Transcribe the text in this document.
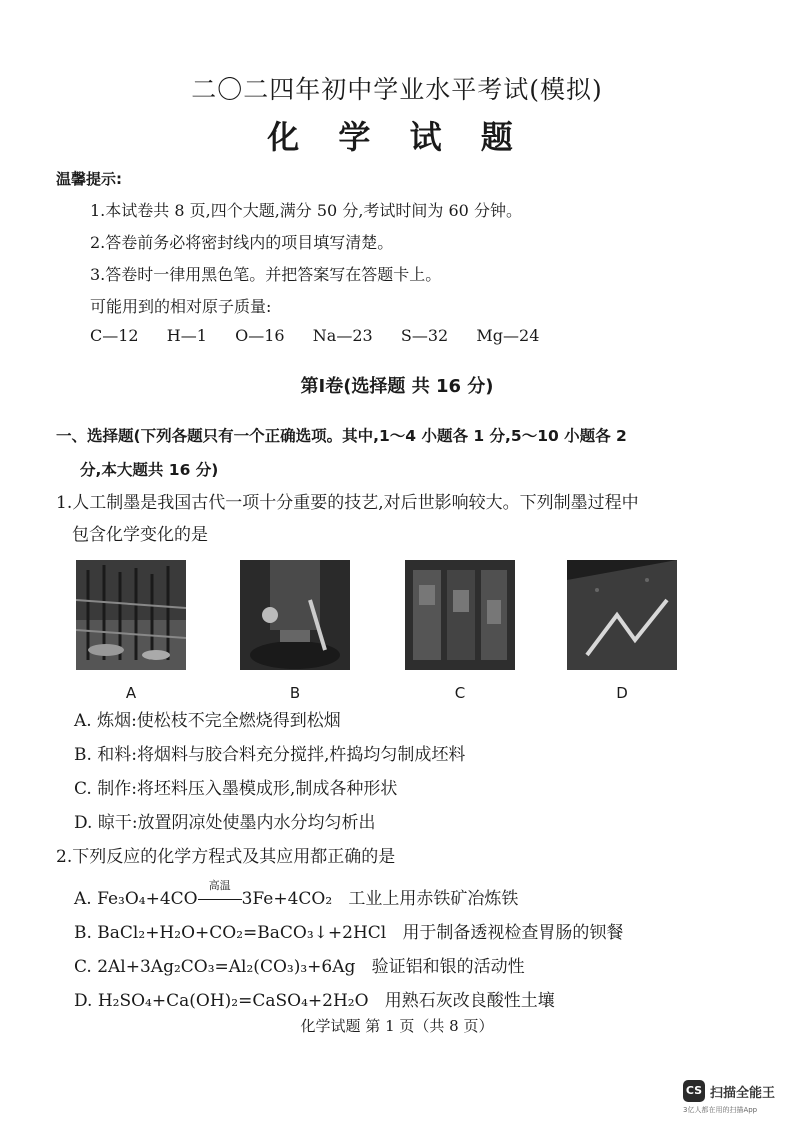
二〇二四年初中学业水平考试(模拟)
化 学 试 题
温馨提示:
1.本试卷共 8 页,四个大题,满分 50 分,考试时间为 60 分钟。
2.答卷前务必将密封线内的项目填写清楚。
3.答卷时一律用黑色笔。并把答案写在答题卡上。
可能用到的相对原子质量:
C—12 H—1 O—16 Na—23 S—32 Mg—24
第Ⅰ卷(选择题 共 16 分)
一、选择题(下列各题只有一个正确选项。其中,1～4 小题各 1 分,5～10 小题各 2
分,本大题共 16 分)
1.人工制墨是我国古代一项十分重要的技艺,对后世影响较大。下列制墨过程中
包含化学变化的是
A	B	C	D
A. 炼烟:使松枝不完全燃烧得到松烟
B. 和料:将烟料与胶合料充分搅拌,杵捣均匀制成坯料
C. 制作:将坯料压入墨模成形,制成各种形状
D. 晾干:放置阴凉处使墨内水分均匀析出
2.下列反应的化学方程式及其应用都正确的是
A. Fe₃O₄+4CO
高温
3Fe+4CO₂   工业上用赤铁矿冶炼铁
B. BaCl₂+H₂O+CO₂=BaCO₃↓+2HCl   用于制备透视检查胃肠的钡餐
C. 2Al+3Ag₂CO₃=Al₂(CO₃)₃+6Ag   验证铝和银的活动性
D. H₂SO₄+Ca(OH)₂=CaSO₄+2H₂O   用熟石灰改良酸性土壤
化学试题 第 1 页（共 8 页）
CS 扫描全能王
3亿人都在用的扫描App
